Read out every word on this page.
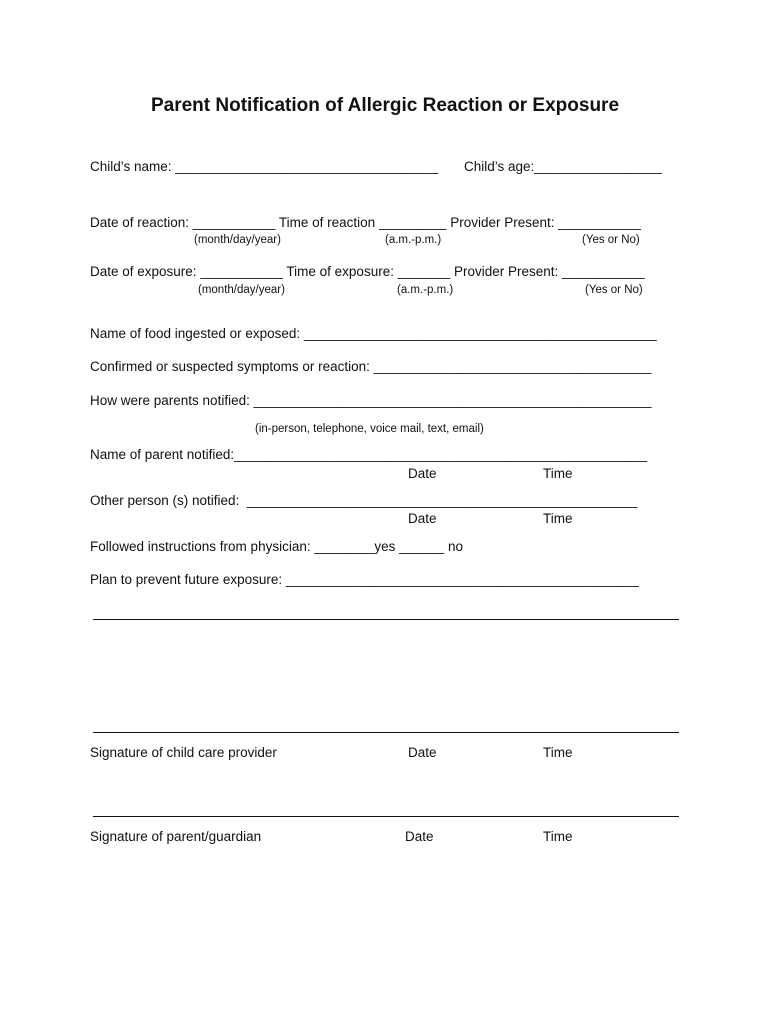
Parent Notification of Allergic Reaction or Exposure
Child’s name: ___________________________________ Child’s age:_________________
Date of reaction: ___________ Time of reaction _________ Provider Present: ___________
(month/day/year)	(a.m.-p.m.)	(Yes or No)
Date of exposure: ___________ Time of exposure: _______ Provider Present: ___________
(month/day/year)	(a.m.-p.m.)	(Yes or No)
Name of food ingested or exposed: _______________________________________________
Confirmed or suspected symptoms or reaction: _____________________________________
How were parents notified: _____________________________________________________
(in-person, telephone, voice mail, text, email)
Name of parent notified:_______________________________________________________
Date	Time
Other person (s) notified:  ____________________________________________________
Date	Time
Followed instructions from physician: ________yes ______ no
Plan to prevent future exposure: _______________________________________________
Signature of child care provider	Date	Time
Signature of parent/guardian	Date	Time
